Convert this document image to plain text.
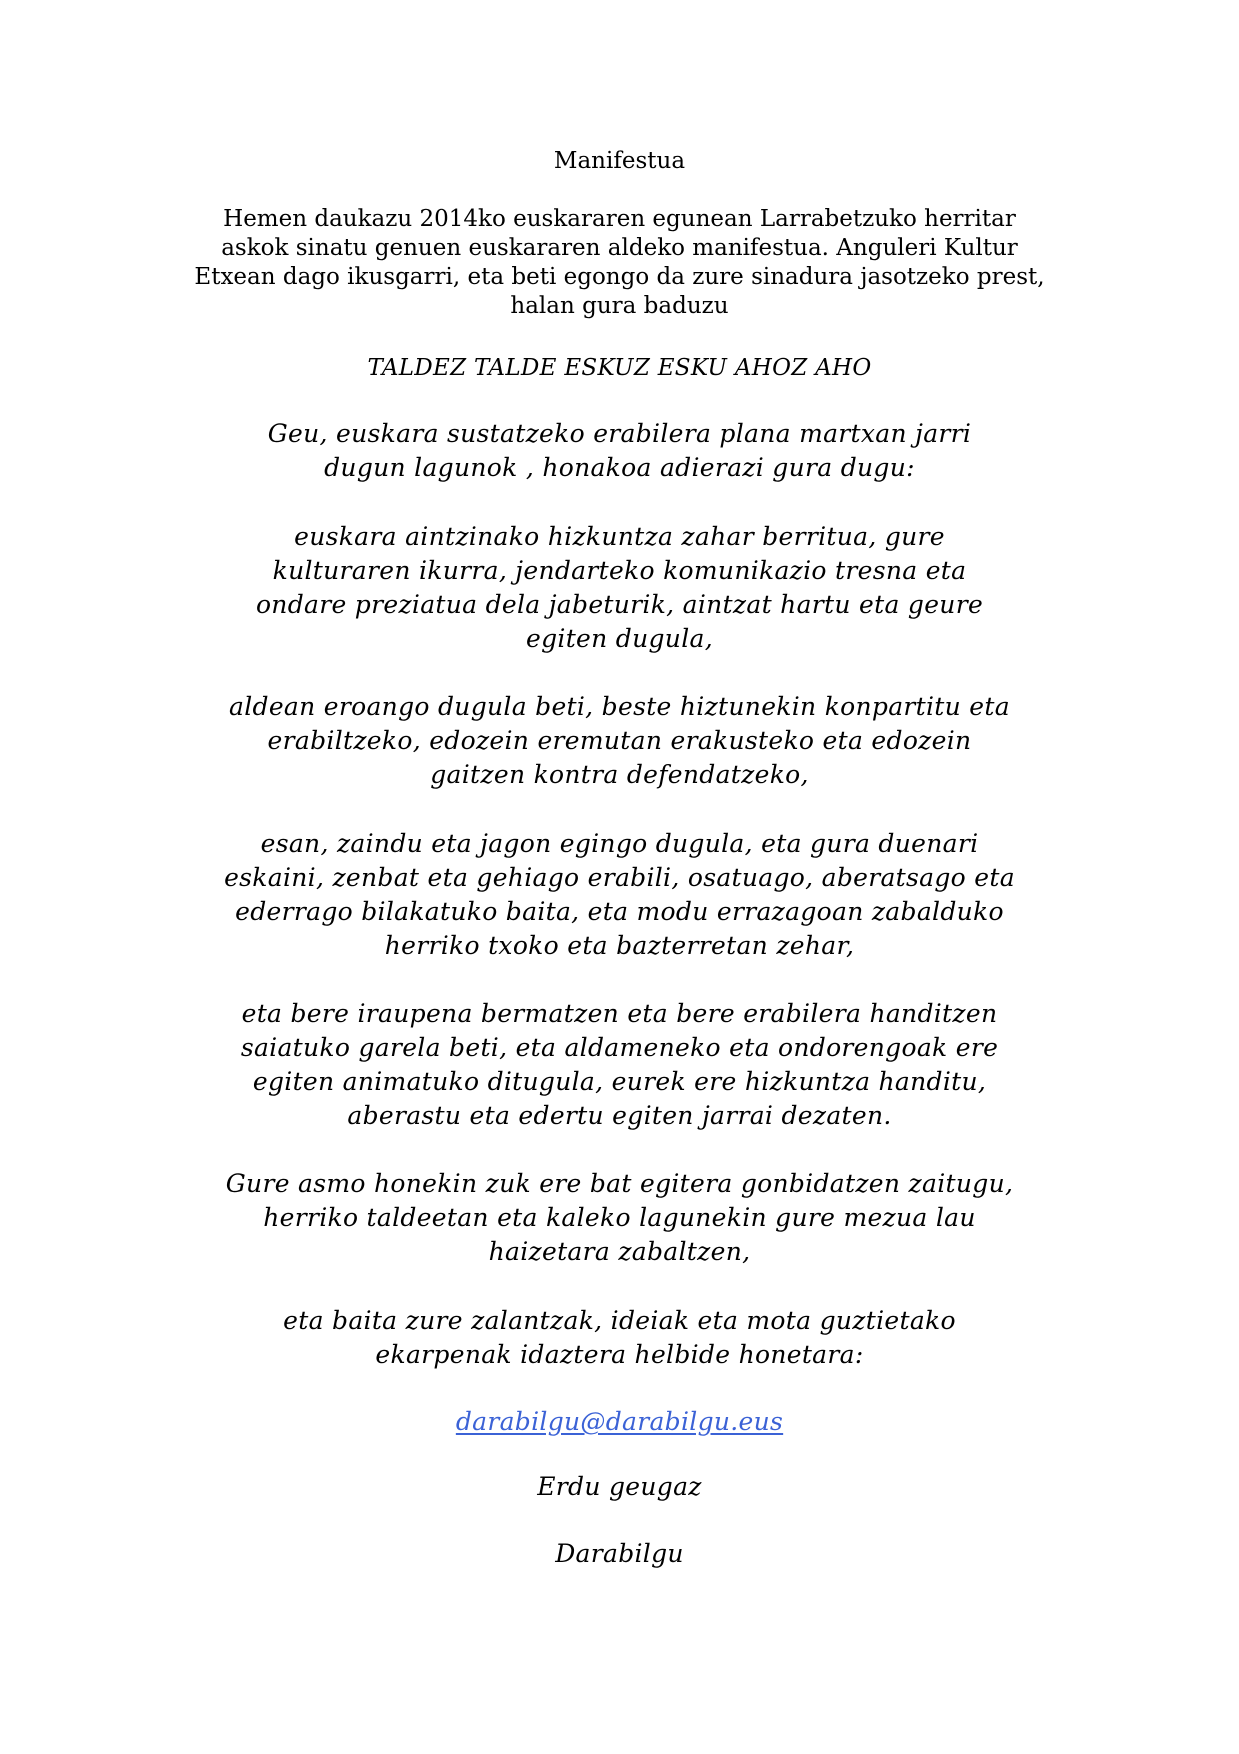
Manifestua
Hemen daukazu 2014ko euskararen egunean Larrabetzuko herritar
askok sinatu genuen euskararen aldeko manifestua. Anguleri Kultur
Etxean dago ikusgarri, eta beti egongo da zure sinadura jasotzeko prest,
halan gura baduzu
TALDEZ TALDE ESKUZ ESKU AHOZ AHO
Geu, euskara sustatzeko erabilera plana martxan jarri
dugun lagunok , honakoa adierazi gura dugu:
euskara aintzinako hizkuntza zahar berritua, gure
kulturaren ikurra, jendarteko komunikazio tresna eta
ondare preziatua dela jabeturik, aintzat hartu eta geure
egiten dugula,
aldean eroango dugula beti, beste hiztunekin konpartitu eta
erabiltzeko, edozein eremutan erakusteko eta edozein
gaitzen kontra defendatzeko,
esan, zaindu eta jagon egingo dugula, eta gura duenari
eskaini, zenbat eta gehiago erabili, osatuago, aberatsago eta
ederrago bilakatuko baita, eta modu errazagoan zabalduko
herriko txoko eta bazterretan zehar,
eta bere iraupena bermatzen eta bere erabilera handitzen
saiatuko garela beti, eta aldameneko eta ondorengoak ere
egiten animatuko ditugula, eurek ere hizkuntza handitu,
aberastu eta edertu egiten jarrai dezaten.
Gure asmo honekin zuk ere bat egitera gonbidatzen zaitugu,
herriko taldeetan eta kaleko lagunekin gure mezua lau
haizetara zabaltzen,
eta baita zure zalantzak, ideiak eta mota guztietako
ekarpenak idaztera helbide honetara:
darabilgu@darabilgu.eus
Erdu geugaz
Darabilgu
